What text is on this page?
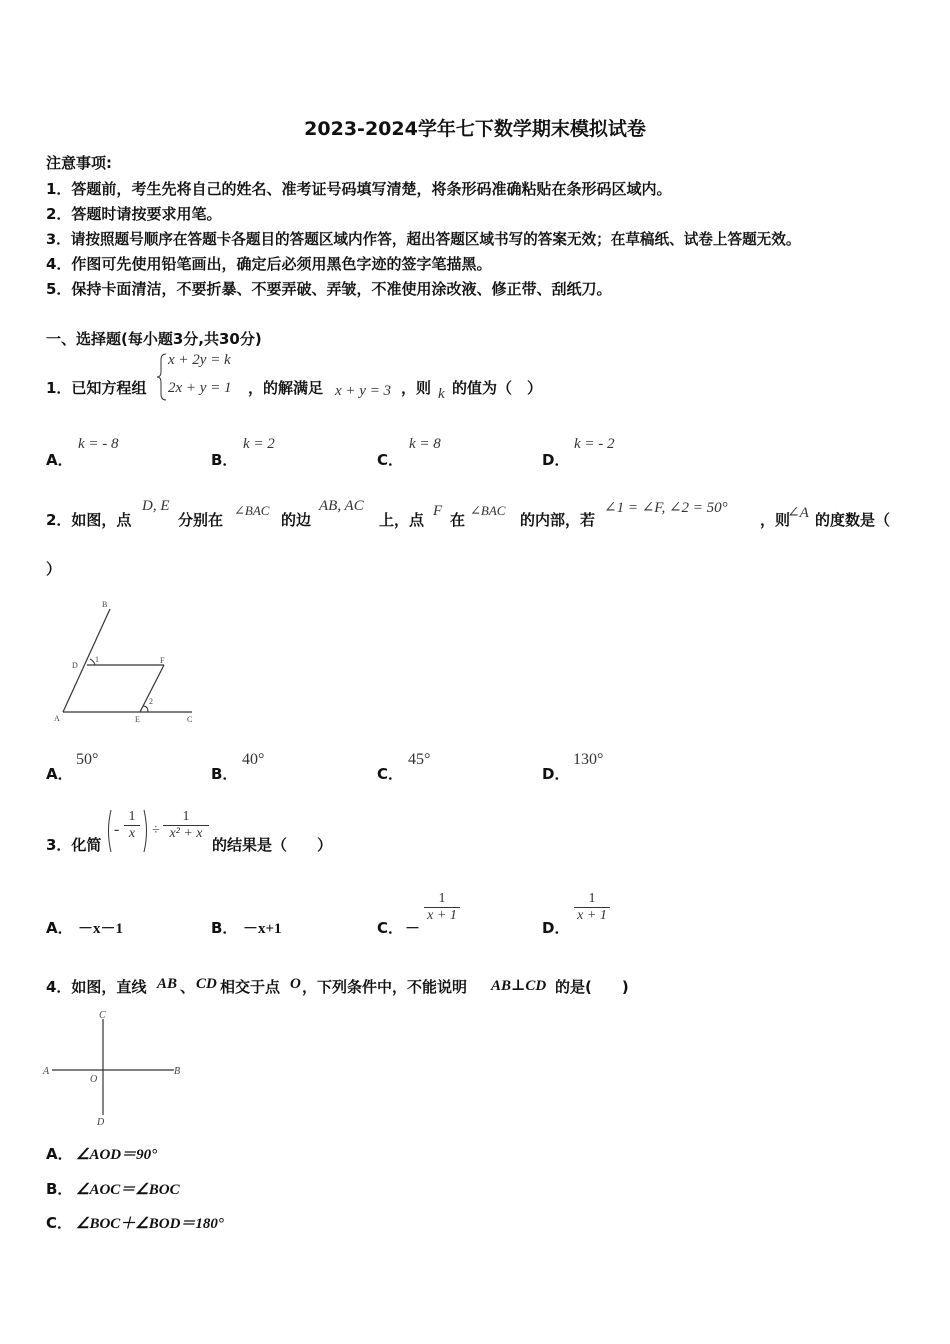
2023-2024学年七下数学期末模拟试卷
注意事项:
1．答题前，考生先将自己的姓名、准考证号码填写清楚，将条形码准确粘贴在条形码区域内。
2．答题时请按要求用笔。
3．请按照题号顺序在答题卡各题目的答题区域内作答，超出答题区域书写的答案无效；在草稿纸、试卷上答题无效。
4．作图可先使用铅笔画出，确定后必须用黑色字迹的签字笔描黑。
5．保持卡面清洁，不要折暴、不要弄破、弄皱，不准使用涂改液、修正带、刮纸刀。
一、选择题(每小题3分,共30分)
1．已知方程组
x + 2y = k
2x + y = 1 ，的解满足 x + y = 3 ，则 k 的值为（　）
A．
k = - 8
B．
k = 2
C．
k = 8
D．
k = - 2
2．如图，点
D, E
分别在
∠BAC
的边
AB, AC
上，点 F 在
∠BAC
的内部，若
∠1 = ∠F, ∠2 = 50°
，则
∠A 的度数是（
）
B
D
1	F
2
A	E	C
A．
50°
B．
40°
C．
45°
D．
130°
3．化简
- $\frac{1}{x} \div \frac{1}{\text{x² + x}}$
的结果是（　　）
A． －x－1	B． －x+1	C． －
$\frac{1}{x + 1}$
D．
$\frac{1}{x + 1}$
4．如图，直线 AB 、 CD 相交于点 O ，下列条件中，不能说明 AB⊥CD 的是(　　)
C
A
O
B
D
A． ∠AOD＝90°
B． ∠AOC＝∠BOC
C． ∠BOC＋∠BOD＝180°
